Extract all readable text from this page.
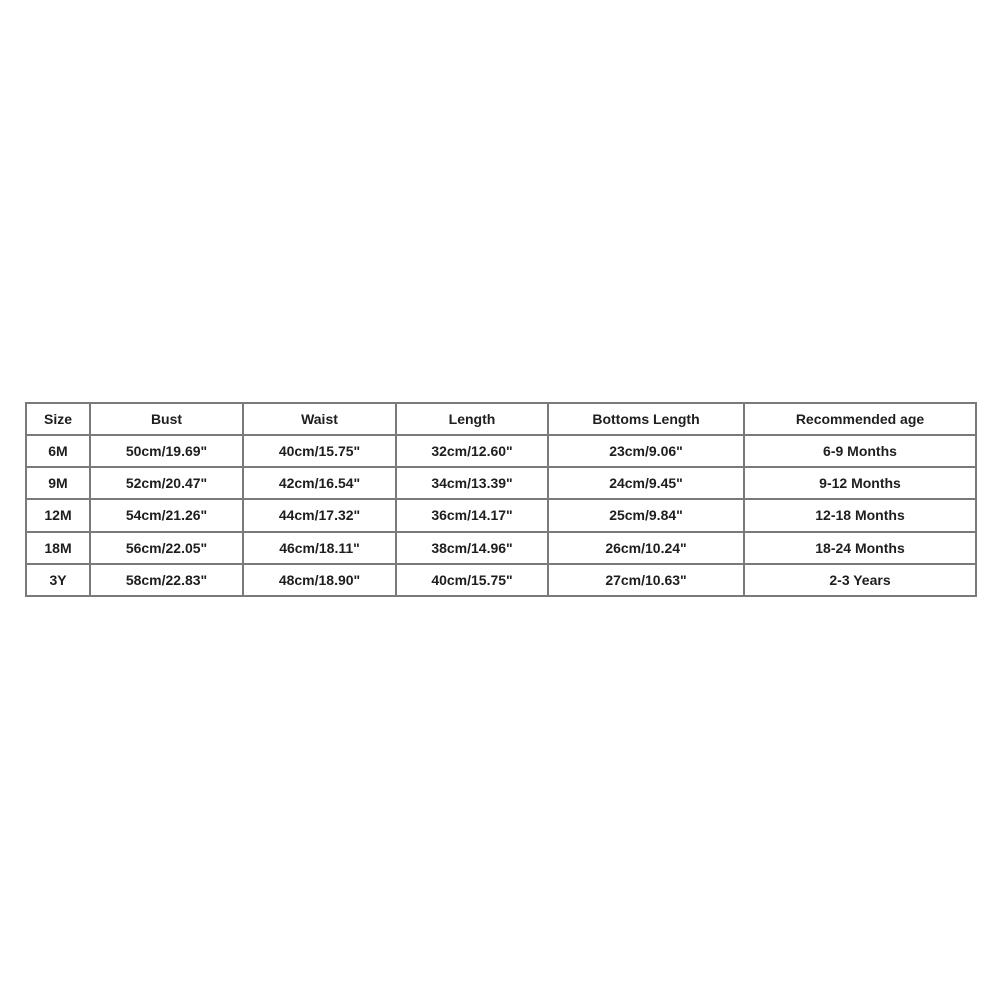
Size	Bust	Waist	Length	Bottoms Length	Recommended age
6M	50cm/19.69"	40cm/15.75"	32cm/12.60"	23cm/9.06"	6-9 Months
9M	52cm/20.47"	42cm/16.54"	34cm/13.39"	24cm/9.45"	9-12 Months
12M	54cm/21.26"	44cm/17.32"	36cm/14.17"	25cm/9.84"	12-18 Months
18M	56cm/22.05"	46cm/18.11"	38cm/14.96"	26cm/10.24"	18-24 Months
3Y	58cm/22.83"	48cm/18.90"	40cm/15.75"	27cm/10.63"	2-3 Years
